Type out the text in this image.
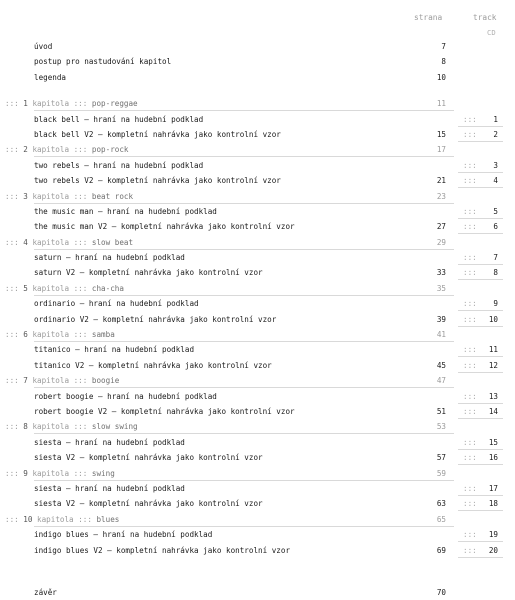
strana	track
CD
úvod	7
postup pro nastudování kapitol	8
legenda	10
::: 1 kapitola ::: pop-reggae	11
black bell – hraní na hudební podklad	:::	1
black bell V2 – kompletní nahrávka jako kontrolní vzor	15 :::	2
::: 2 kapitola ::: pop-rock	17
two rebels – hraní na hudební podklad	:::	3
two rebels V2 – kompletní nahrávka jako kontrolní vzor	21 :::	4
::: 3 kapitola ::: beat rock	23
the music man – hraní na hudební podklad	:::	5
the music man V2 – kompletní nahrávka jako kontrolní vzor	27 :::	6
::: 4 kapitola ::: slow beat	29
saturn – hraní na hudební podklad	:::	7
saturn V2 – kompletní nahrávka jako kontrolní vzor	33 :::	8
::: 5 kapitola ::: cha-cha	35
ordinario – hraní na hudební podklad	:::	9
ordinario V2 – kompletní nahrávka jako kontrolní vzor	39 :::	10
::: 6 kapitola ::: samba	41
titanico – hraní na hudební podklad	:::	11
titanico V2 – kompletní nahrávka jako kontrolní vzor	45 :::	12
::: 7 kapitola ::: boogie	47
robert boogie – hraní na hudební podklad	:::	13
robert boogie V2 – kompletní nahrávka jako kontrolní vzor	51 :::	14
::: 8 kapitola ::: slow swing	53
siesta – hraní na hudební podklad	:::	15
siesta V2 – kompletní nahrávka jako kontrolní vzor	57 :::	16
::: 9 kapitola ::: swing	59
siesta – hraní na hudební podklad	:::	17
siesta V2 – kompletní nahrávka jako kontrolní vzor	63 :::	18
::: 10 kapitola ::: blues	65
indigo blues – hraní na hudební podklad	:::	19
indigo blues V2 – kompletní nahrávka jako kontrolní vzor	69 :::	20
závěr	70
